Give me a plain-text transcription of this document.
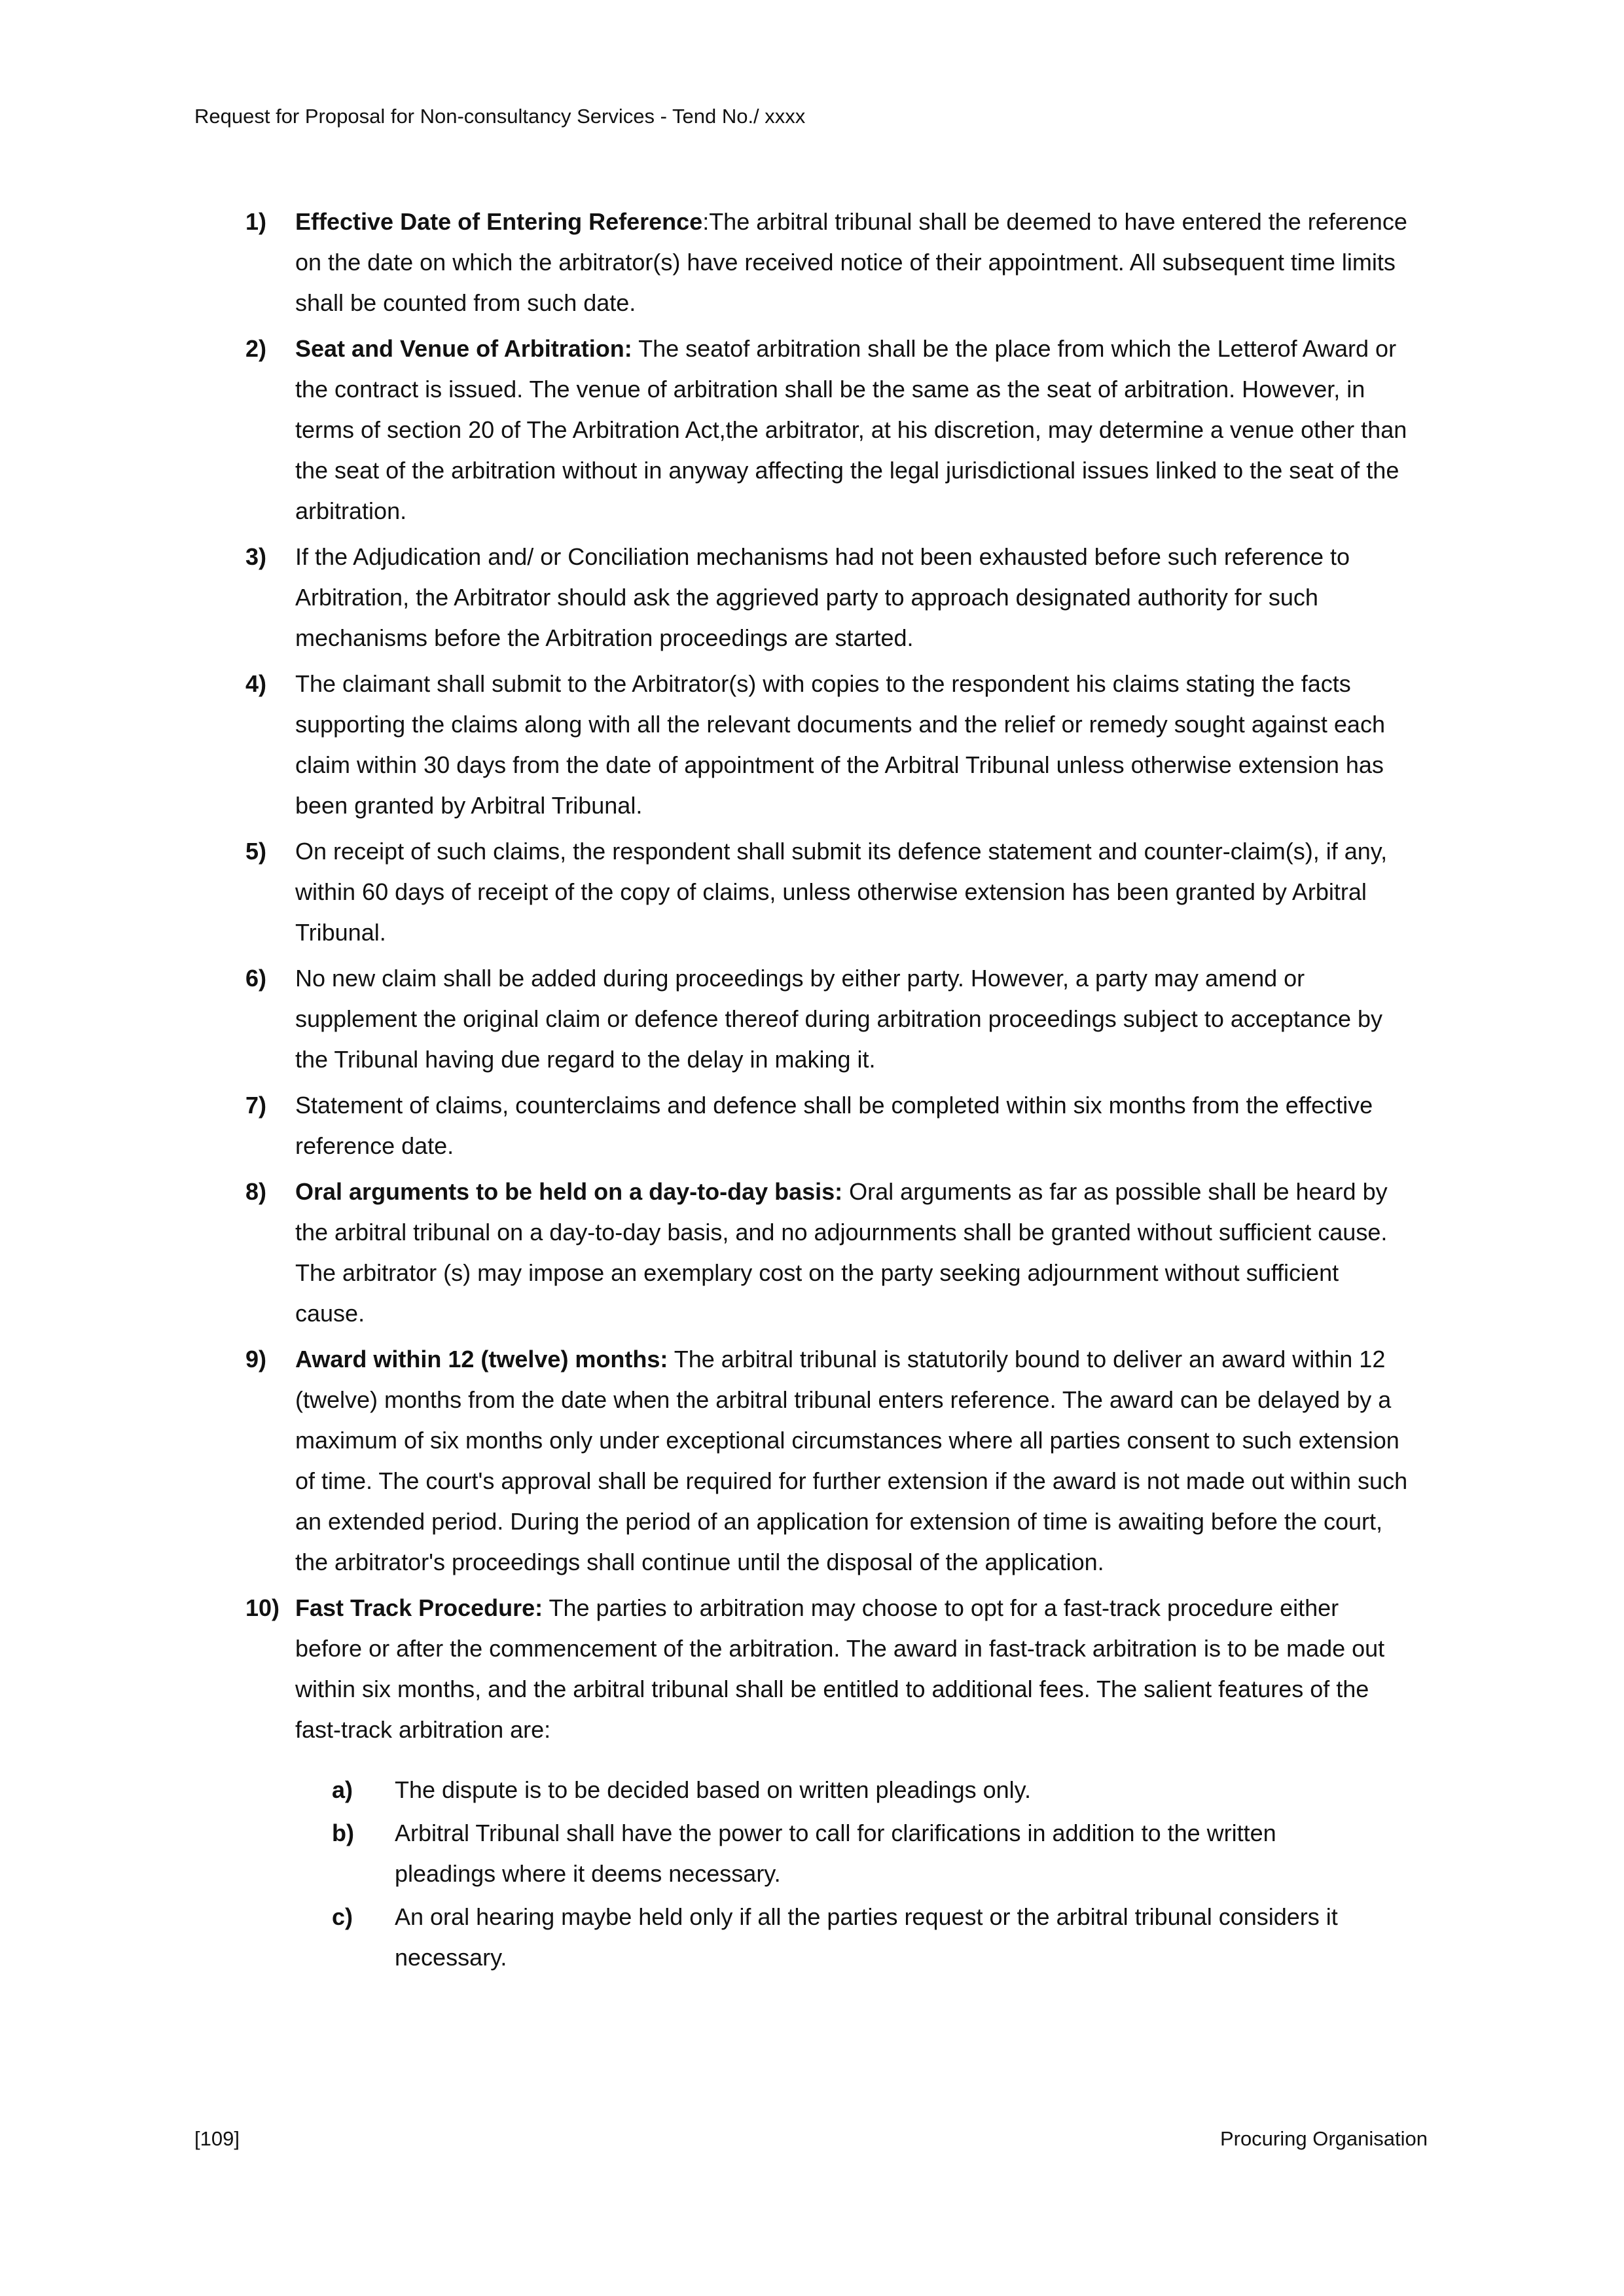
Request for Proposal for Non-consultancy Services - Tend No./ xxxx
1)	Effective Date of Entering Reference:The arbitral tribunal shall be deemed to have entered the reference on the date on which the arbitrator(s) have received notice of their appointment. All subsequent time limits shall be counted from such date.
2)	Seat and Venue of Arbitration: The seatof arbitration shall be the place from which the Letterof Award or the contract is issued. The venue of arbitration shall be the same as the seat of arbitration. However, in terms of section 20 of The Arbitration Act,the arbitrator, at his discretion, may determine a venue other than the seat of the arbitration without in anyway affecting the legal jurisdictional issues linked to the seat of the arbitration.
3)	If the Adjudication and/ or Conciliation mechanisms had not been exhausted before such reference to Arbitration, the Arbitrator should ask the aggrieved party to approach designated authority for such mechanisms before the Arbitration proceedings are started.
4)	The claimant shall submit to the Arbitrator(s) with copies to the respondent his claims stating the facts supporting the claims along with all the relevant documents and the relief or remedy sought against each claim within 30 days from the date of appointment of the Arbitral Tribunal unless otherwise extension has been granted by Arbitral Tribunal.
5)	On receipt of such claims, the respondent shall submit its defence statement and counter-claim(s), if any, within 60 days of receipt of the copy of claims, unless otherwise extension has been granted by Arbitral Tribunal.
6)	No new claim shall be added during proceedings by either party. However, a party may amend or supplement the original claim or defence thereof during arbitration proceedings subject to acceptance by the Tribunal having due regard to the delay in making it.
7)	Statement of claims, counterclaims and defence shall be completed within six months from the effective reference date.
8)	Oral arguments to be held on a day-to-day basis: Oral arguments as far as possible shall be heard by the arbitral tribunal on a day-to-day basis, and no adjournments shall be granted without sufficient cause. The arbitrator (s) may impose an exemplary cost on the party seeking adjournment without sufficient cause.
9)	Award within 12 (twelve) months: The arbitral tribunal is statutorily bound to deliver an award within 12 (twelve) months from the date when the arbitral tribunal enters reference. The award can be delayed by a maximum of six months only under exceptional circumstances where all parties consent to such extension of time. The court's approval shall be required for further extension if the award is not made out within such an extended period. During the period of an application for extension of time is awaiting before the court, the arbitrator's proceedings shall continue until the disposal of the application.
10) Fast Track Procedure: The parties to arbitration may choose to opt for a fast-track procedure either before or after the commencement of the arbitration. The award in fast-track arbitration is to be made out within six months, and the arbitral tribunal shall be entitled to additional fees. The salient features of the fast-track arbitration are:
a)	The dispute is to be decided based on written pleadings only.
b)	Arbitral Tribunal shall have the power to call for clarifications in addition to the written pleadings where it deems necessary.
c)	An oral hearing maybe held only if all the parties request or the arbitral tribunal considers it necessary.
[109]	Procuring Organisation
